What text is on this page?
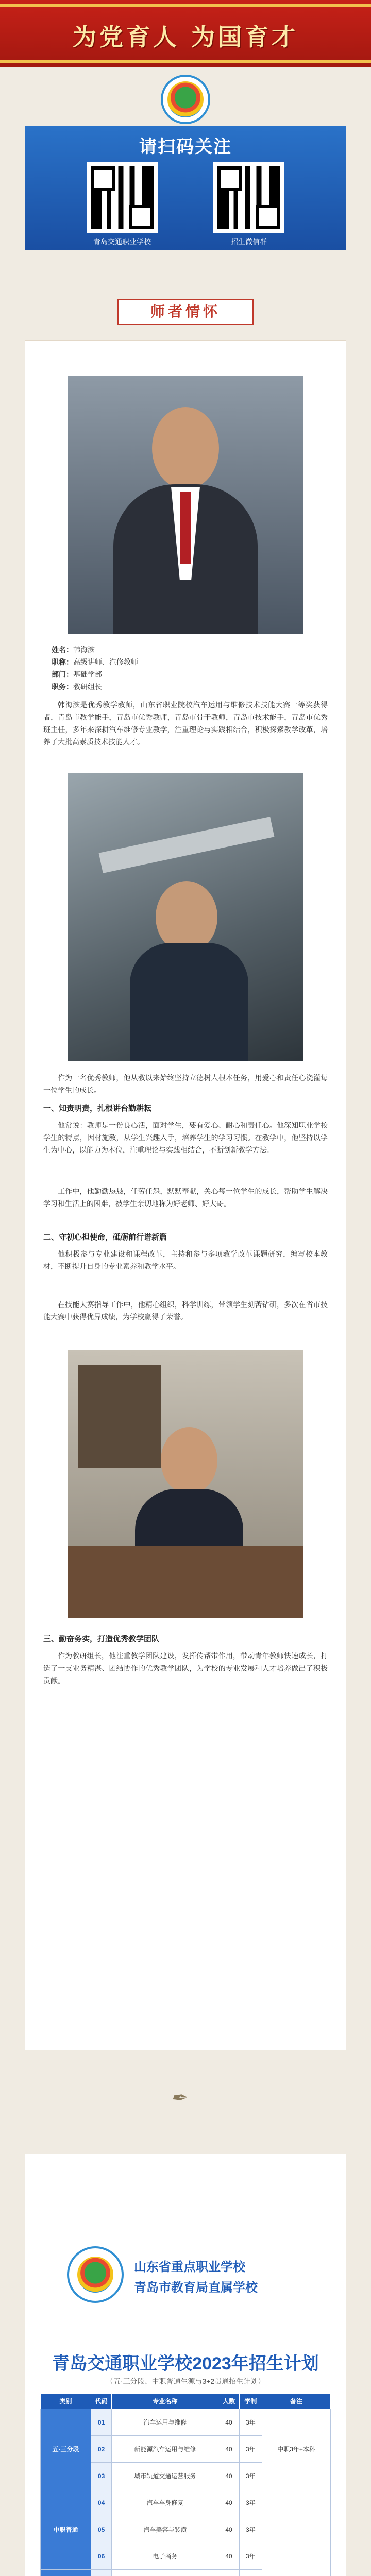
为党育人 为国育才
请扫码关注
青岛交通职业学校	招生微信群
师者情怀
姓名：韩海滨
职称：高级讲师、汽修教师
部门：基础学部
职务：教研组长
韩海滨是优秀教学教师，山东省职业院校汽车运用与维修技术技能大赛一等奖获得者，青岛市教学能手，青岛市优秀教师，青岛市骨干教师，青岛市技术能手，青岛市优秀班主任，多年来深耕汽车维修专业教学，注重理论与实践相结合，积极探索教学改革，培养了大批高素质技术技能人才。
作为一名优秀教师，他从教以来始终坚持立德树人根本任务，用爱心和责任心浇灌每一位学生的成长。
一、知责明责，扎根讲台勤耕耘
他常说：教师是一份良心活，面对学生，要有爱心、耐心和责任心。他深知职业学校学生的特点，因材施教，从学生兴趣入手，培养学生的学习习惯。在教学中，他坚持以学生为中心，以能力为本位，注重理论与实践相结合，不断创新教学方法。
工作中，他勤勤恳恳，任劳任怨，默默奉献，关心每一位学生的成长，帮助学生解决学习和生活上的困难，被学生亲切地称为好老师、好大哥。
二、守初心担使命，砥砺前行谱新篇
他积极参与专业建设和课程改革，主持和参与多项教学改革课题研究，编写校本教材，不断提升自身的专业素养和教学水平。
在技能大赛指导工作中，他精心组织，科学训练，带领学生刻苦钻研，多次在省市技能大赛中获得优异成绩，为学校赢得了荣誉。
三、勤奋务实，打造优秀教学团队
作为教研组长，他注重教学团队建设，发挥传帮带作用，带动青年教师快速成长，打造了一支业务精湛、团结协作的优秀教学团队，为学校的专业发展和人才培养做出了积极贡献。
✒
山东省重点职业学校
青岛市教育局直属学校
青岛交通职业学校2023年招生计划
（五·三分段、中职普通生源与3+2贯通招生计划）
类别	代码	专业名称	人数	学制	备注
五·三分段	01	汽车运用与维修	40	3年	中职3年+本科
	02	新能源汽车运用与维修	40	3年	
	03	城市轨道交通运营服务	40	3年	
中职普通	04	汽车车身修复	40	3年	
	05	汽车美容与装潢	40	3年	
	06	电子商务	40	3年	
